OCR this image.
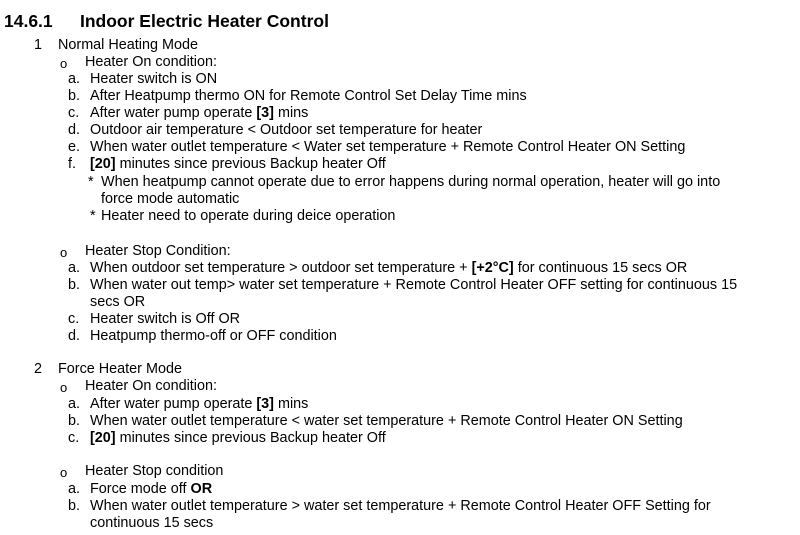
14.6.1 Indoor Electric Heater Control
1 Normal Heating Mode
o Heater On condition:
a. Heater switch is ON
b. After Heatpump thermo ON for Remote Control Set Delay Time mins
c. After water pump operate [3] mins
d. Outdoor air temperature < Outdoor set temperature for heater
e. When water outlet temperature < Water set temperature + Remote Control Heater ON Setting
f. [20] minutes since previous Backup heater Off
* When heatpump cannot operate due to error happens during normal operation, heater will go into
force mode automatic
* Heater need to operate during deice operation
o Heater Stop Condition:
a. When outdoor set temperature > outdoor set temperature + [+2°C] for continuous 15 secs OR
b. When water out temp> water set temperature + Remote Control Heater OFF setting for continuous 15
secs OR
c. Heater switch is Off OR
d. Heatpump thermo-off or OFF condition
2 Force Heater Mode
o Heater On condition:
a. After water pump operate [3] mins
b. When water outlet temperature < water set temperature + Remote Control Heater ON Setting
c. [20] minutes since previous Backup heater Off
o Heater Stop condition
a. Force mode off OR
b. When water outlet temperature > water set temperature + Remote Control Heater OFF Setting for
continuous 15 secs
